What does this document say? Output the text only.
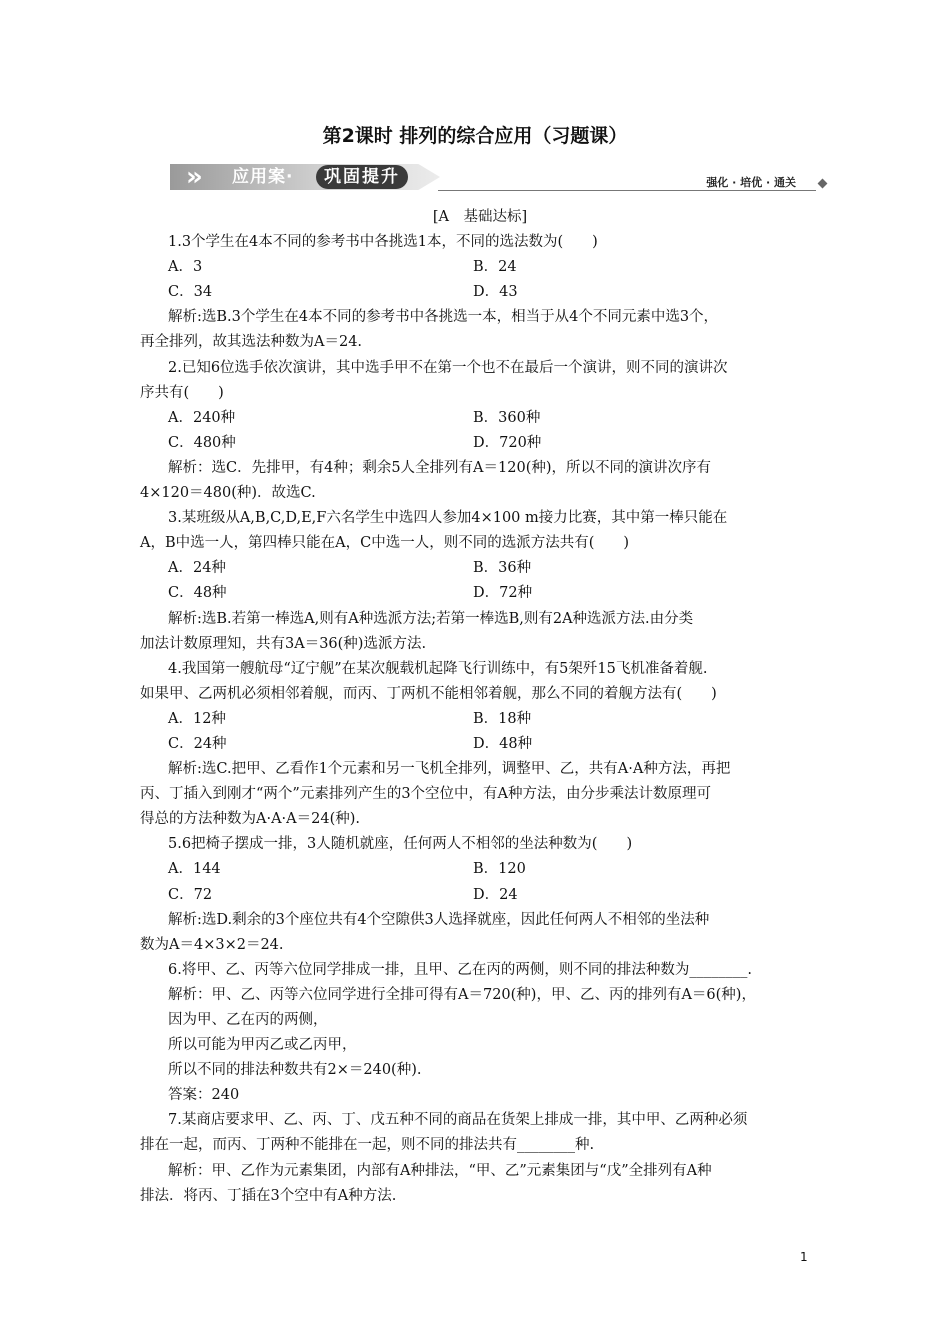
第2课时 排列的综合应用（习题课）
» 应用案·	巩固提升	强化 · 培优 · 通关
[A　基础达标]
1.3个学生在4本不同的参考书中各挑选1本，不同的选法数为(　　)
A．3	B．24
C．34	D．43
解析:选B.3个学生在4本不同的参考书中各挑选一本，相当于从4个不同元素中选3个，
再全排列，故其选法种数为A＝24.
2.已知6位选手依次演讲，其中选手甲不在第一个也不在最后一个演讲，则不同的演讲次
序共有(　　)
A．240种	B．360种
C．480种	D．720种
解析：选C．先排甲，有4种；剩余5人全排列有A＝120(种)，所以不同的演讲次序有
4×120＝480(种)．故选C.
3.某班级从A,B,C,D,E,F六名学生中选四人参加4×100 m接力比赛，其中第一棒只能在
A，B中选一人，第四棒只能在A，C中选一人，则不同的选派方法共有(　　)
A．24种	B．36种
C．48种	D．72种
解析:选B.若第一棒选A,则有A种选派方法;若第一棒选B,则有2A种选派方法.由分类
加法计数原理知，共有3A＝36(种)选派方法.
4.我国第一艘航母“辽宁舰”在某次舰载机起降飞行训练中，有5架歼15飞机准备着舰.
如果甲、乙两机必须相邻着舰，而丙、丁两机不能相邻着舰，那么不同的着舰方法有(　　)
A．12种	B．18种
C．24种	D．48种
解析:选C.把甲、乙看作1个元素和另一飞机全排列，调整甲、乙，共有A·A种方法，再把
丙、丁插入到刚才“两个”元素排列产生的3个空位中，有A种方法，由分步乘法计数原理可
得总的方法种数为A·A·A＝24(种).
5.6把椅子摆成一排，3人随机就座，任何两人不相邻的坐法种数为(　　)
A．144	B．120
C．72	D．24
解析:选D.剩余的3个座位共有4个空隙供3人选择就座，因此任何两人不相邻的坐法种
数为A＝4×3×2＝24.
6.将甲、乙、丙等六位同学排成一排，且甲、乙在丙的两侧，则不同的排法种数为________.
解析：甲、乙、丙等六位同学进行全排可得有A＝720(种)，甲、乙、丙的排列有A＝6(种)，
因为甲、乙在丙的两侧，
所以可能为甲丙乙或乙丙甲，
所以不同的排法种数共有2×＝240(种).
答案：240
7.某商店要求甲、乙、丙、丁、戊五种不同的商品在货架上排成一排，其中甲、乙两种必须
排在一起，而丙、丁两种不能排在一起，则不同的排法共有________种.
解析：甲、乙作为元素集团，内部有A种排法，“甲、乙”元素集团与“戊”全排列有A种
排法．将丙、丁插在3个空中有A种方法.
1
